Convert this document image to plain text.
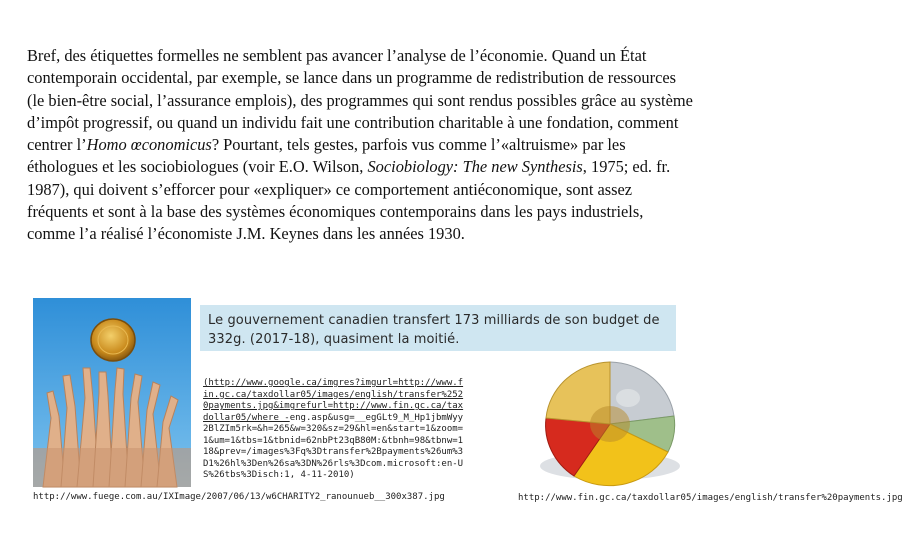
Bref, des étiquettes formelles ne semblent pas avancer l’analyse de l’économie. Quand un État contemporain occidental, par exemple, se lance dans un programme de redistribution de ressources (le bien-être social, l’assurance emplois), des programmes qui sont rendus possibles grâce au système d’impôt progressif, ou quand un individu fait une contribution charitable à une fondation, comment centrer l’Homo œconomicus? Pourtant, tels gestes, parfois vus comme l’«altruisme» par les éthologues et les sociobiologues (voir E.O. Wilson, Sociobiology: The new Synthesis, 1975; ed. fr. 1987), qui doivent s’efforcer pour «expliquer» ce comportement antiéconomique, sont assez fréquents et sont à la base des systèmes économiques contemporains dans les pays industriels, comme l’a réalisé l’économiste J.M. Keynes dans les années 1930.

Le gouvernement canadien transfert 173 milliards de son budget de 332g. (2017-18), quasiment la moitié.

(http://www.google.ca/imgres?imgurl=http://www.fin.gc.ca/taxdollar05/images/english/transfer%2520payments.jpg&imgrefurl=http://www.fin.gc.ca/taxdollar05/where_-eng.asp&usg=__egGLt9_M_Hp1jbmWyy2BlZIm5rk=&h=265&w=320&sz=29&hl=en&start=1&zoom=1&um=1&tbs=1&tbnid=62nbPt23qB80M:&tbnh=98&tbnw=118&prev=/images%3Fq%3Dtransfer%2Bpayments%26um%3D1%26hl%3Den%26sa%3DN%26rls%3Dcom.microsoft:en-US%26tbs%3Disch:1, 4-11-2010)

http://www.fuege.com.au/IXImage/2007/06/13/w6CHARITY2_ranounueb__300x387.jpg	http://www.fin.gc.ca/taxdollar05/images/english/transfer%20payments.jpg
